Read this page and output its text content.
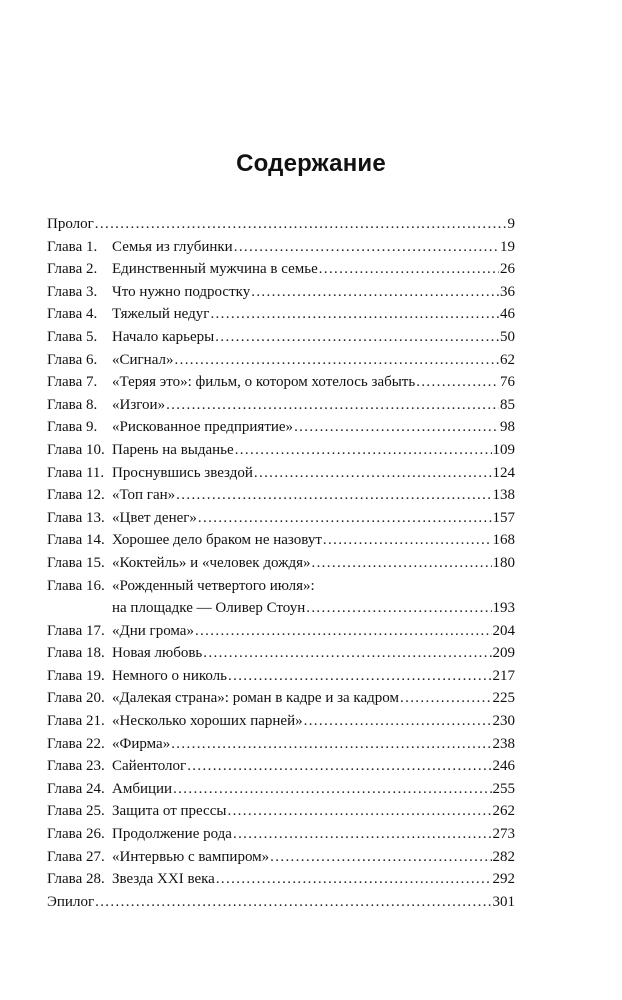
Содержание
Пролог . . .	9
Глава 1. Семья из глубинки . . .	19
Глава 2. Единственный мужчина в семье . . .	26
Глава 3. Что нужно подростку . . .	36
Глава 4. Тяжелый недуг . . .	46
Глава 5. Начало карьеры . . .	50
Глава 6. «Сигнал» . . .	62
Глава 7. «Теряя это»: фильм, о котором хотелось забыть . . .	76
Глава 8. «Изгои» . . .	85
Глава 9. «Рискованное предприятие» . . .	98
Глава 10. Парень на выданье . . .	109
Глава 11. Проснувшись звездой . . .	124
Глава 12. «Топ ган» . . .	138
Глава 13. «Цвет денег» . . .	157
Глава 14. Хорошее дело браком не назовут . . .	168
Глава 15. «Коктейль» и «человек дождя» . . .	180
Глава 16. «Рожденный четвертого июля»:
на площадке — Оливер Стоун . . .	193
Глава 17. «Дни грома» . . .	204
Глава 18. Новая любовь . . .	209
Глава 19. Немного о николь . . .	217
Глава 20. «Далекая страна»: роман в кадре и за кадром . . .	225
Глава 21. «Несколько хороших парней» . . .	230
Глава 22. «Фирма» . . .	238
Глава 23. Сайентолог . . .	246
Глава 24. Амбиции . . .	255
Глава 25. Защита от прессы . . .	262
Глава 26. Продолжение рода . . .	273
Глава 27. «Интервью с вампиром» . . .	282
Глава 28. Звезда XXI века . . .	292
Эпилог . . .	301
